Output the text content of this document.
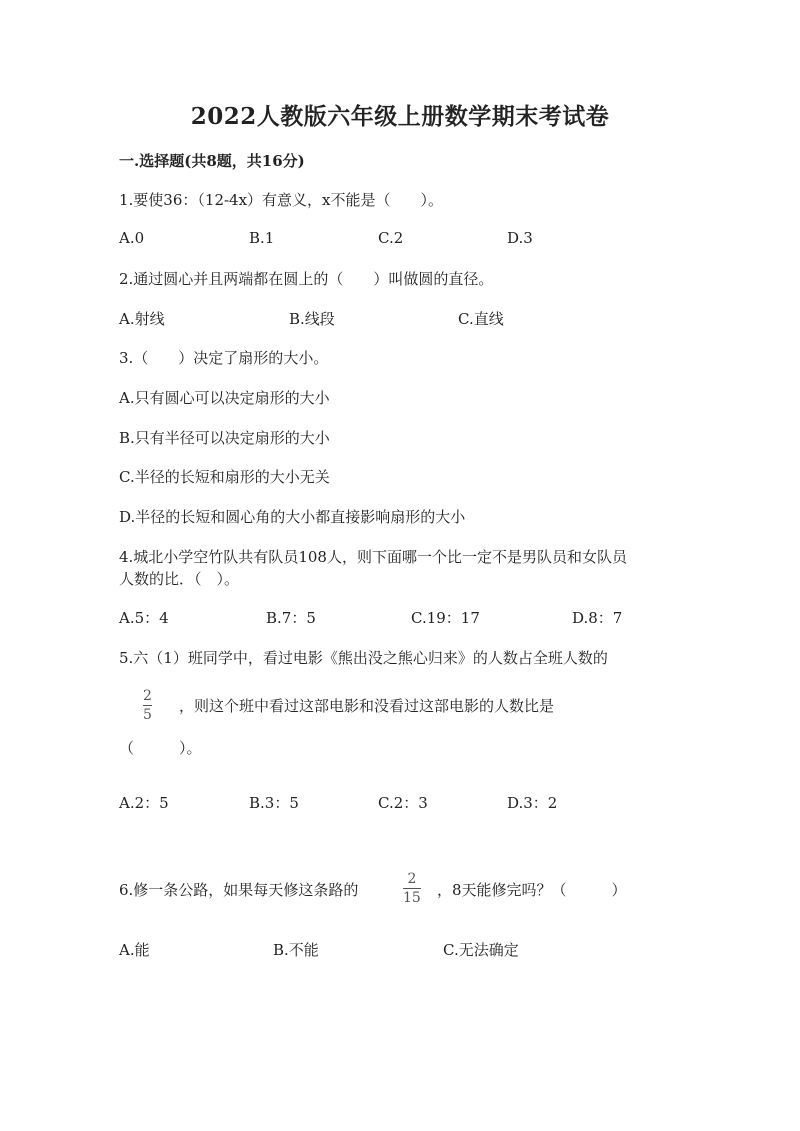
2022人教版六年级上册数学期末考试卷
一.选择题(共8题，共16分)
1.要使36：（12-4x）有意义，x不能是（　　）。
A.0	B.1	C.2	D.3
2.通过圆心并且两端都在圆上的（　　）叫做圆的直径。
A.射线	B.线段	C.直线
3.（　　）决定了扇形的大小。
A.只有圆心可以决定扇形的大小
B.只有半径可以决定扇形的大小
C.半径的长短和扇形的大小无关
D.半径的长短和圆心角的大小都直接影响扇形的大小
4.城北小学空竹队共有队员108人，则下面哪一个比一定不是男队员和女队员
人数的比．（　）。
A.5：4	B.7：5	C.19：17	D.8：7
5.六（1）班同学中，看过电影《熊出没之熊心归来》的人数占全班人数的
2
5 ，则这个班中看过这部电影和没看过这部电影的人数比是
（　　　）。
A.2：5	B.3：5	C.2：3	D.3：2
6.修一条公路，如果每天修这条路的
2
15 ，8天能修完吗？（　　　）
A.能	B.不能	C.无法确定
